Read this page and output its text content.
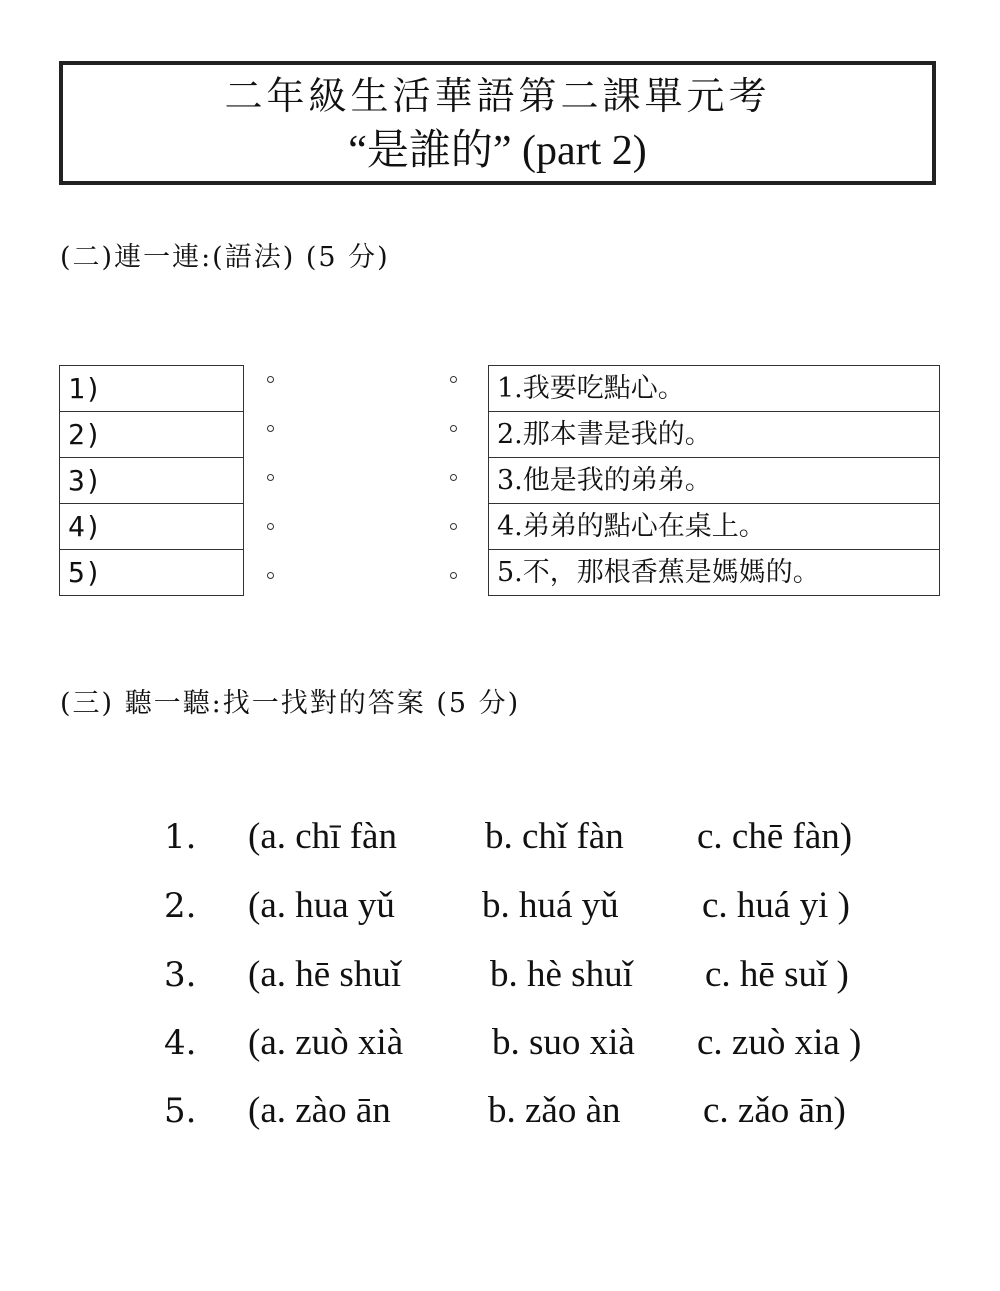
二年級生活華語第二課單元考
“是誰的” (part 2)
(二)連一連:(語法) (5 分)
1)
2)
3)
4)
5)
1.我要吃點心。
2.那本書是我的。
3.他是我的弟弟。
4.弟弟的點心在桌上。
5.不，那根香蕉是媽媽的。
(三) 聽一聽:找一找對的答案 (5 分)
1. (a. chī fàn b. chǐ fàn c. chē fàn)
2. (a. hua yǔ b. huá yǔ c. huá yi )
3. (a. hē shuǐ b. hè shuǐ c. hē suǐ )
4. (a. zuò xià b. suo xià c. zuò xia )
5. (a. zào ān	b. zǎo àn c. zǎo ān)
